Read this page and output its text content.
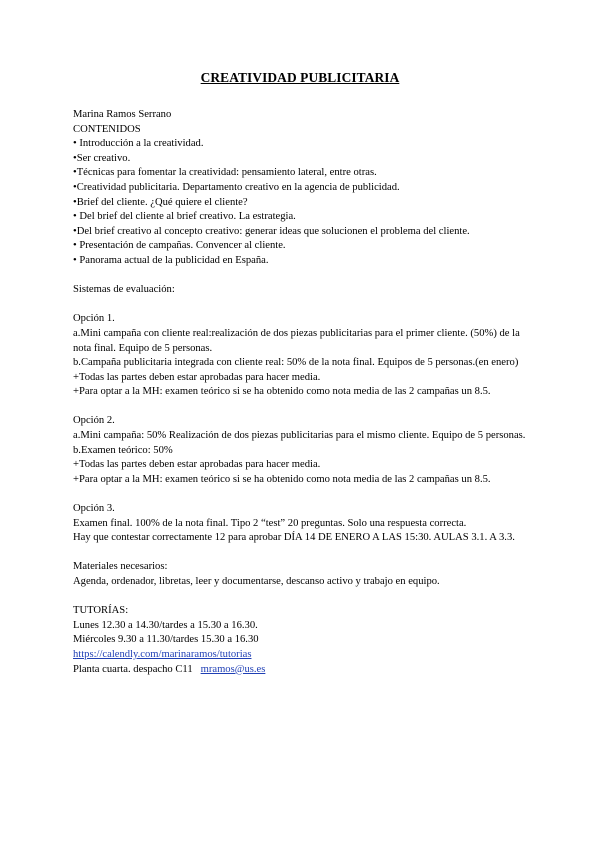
CREATIVIDAD PUBLICITARIA
Marina Ramos Serrano
CONTENIDOS
• Introducción a la creatividad.
•Ser creativo.
•Técnicas para fomentar la creatividad: pensamiento lateral, entre otras.
•Creatividad publicitaria. Departamento creativo en la agencia de publicidad.
•Brief del cliente. ¿Qué quiere el cliente?
• Del brief del cliente al brief creativo. La estrategia.
•Del brief creativo al concepto creativo: generar ideas que solucionen el problema del cliente.
• Presentación de campañas. Convencer al cliente.
• Panorama actual de la publicidad en España.
Sistemas de evaluación:
Opción 1.
a.Mini campaña con cliente real:realización de dos piezas publicitarias para el primer cliente. (50%) de la nota final. Equipo de 5 personas.
b.Campaña publicitaria integrada con cliente real: 50% de la nota final. Equipos de 5 personas.(en enero)
+Todas las partes deben estar aprobadas para hacer media.
+Para optar a la MH: examen teórico si se ha obtenido como nota media de las 2 campañas un 8.5.
Opción 2.
a.Mini campaña: 50% Realización de dos piezas publicitarias para el mismo cliente. Equipo de 5 personas.
b.Examen teórico: 50%
+Todas las partes deben estar aprobadas para hacer media.
+Para optar a la MH: examen teórico si se ha obtenido como nota media de las 2 campañas un 8.5.
Opción 3.
Examen final. 100% de la nota final. Tipo 2 “test” 20 preguntas. Solo una respuesta correcta.
Hay que contestar correctamente 12 para aprobar DÍA 14 DE ENERO A LAS 15:30. AULAS 3.1. A 3.3.
Materiales necesarios:
Agenda, ordenador, libretas, leer y documentarse, descanso activo y trabajo en equipo.
TUTORÍAS:
Lunes 12.30 a 14.30/tardes a 15.30 a 16.30.
Miércoles 9.30 a 11.30/tardes 15.30 a 16.30
https://calendly.com/marinaramos/tutorias
Planta cuarta. despacho C11 mramos@us.es
